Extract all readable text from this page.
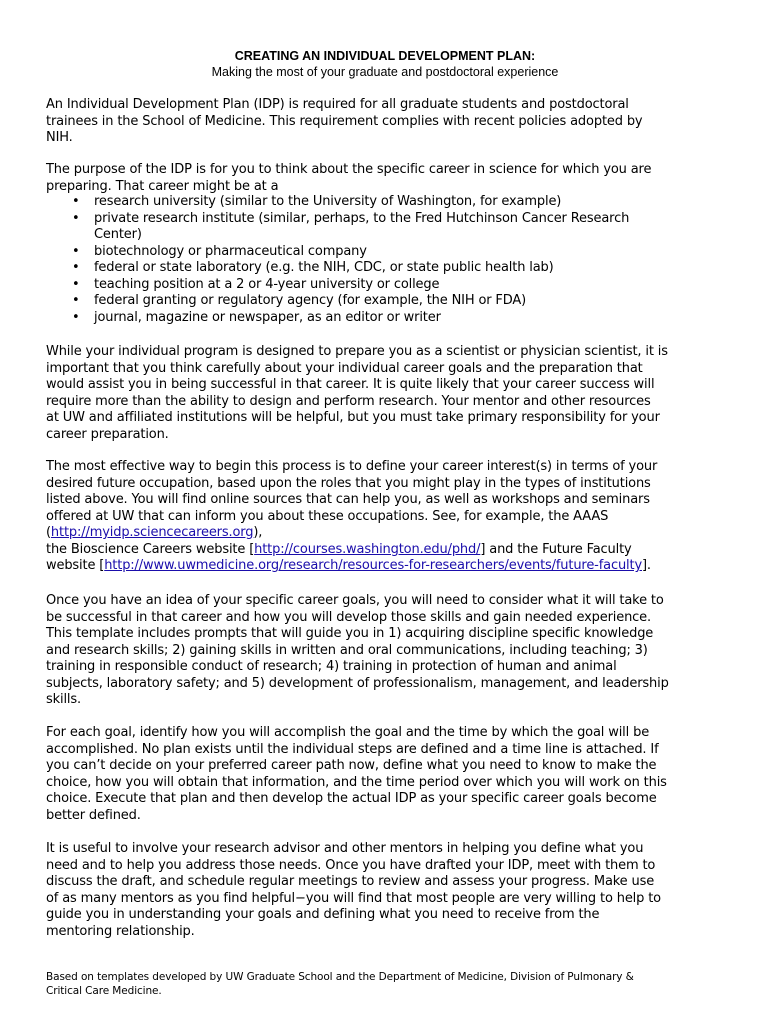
CREATING AN INDIVIDUAL DEVELOPMENT PLAN:
Making the most of your graduate and postdoctoral experience
An Individual Development Plan (IDP) is required for all graduate students and postdoctoral
trainees in the School of Medicine. This requirement complies with recent policies adopted by
NIH.
The purpose of the IDP is for you to think about the specific career in science for which you are
preparing. That career might be at a
• research university (similar to the University of Washington, for example)
• private research institute (similar, perhaps, to the Fred Hutchinson Cancer Research
Center)
• biotechnology or pharmaceutical company
• federal or state laboratory (e.g. the NIH, CDC, or state public health lab)
• teaching position at a 2 or 4-year university or college
• federal granting or regulatory agency (for example, the NIH or FDA)
• journal, magazine or newspaper, as an editor or writer
While your individual program is designed to prepare you as a scientist or physician scientist, it is
important that you think carefully about your individual career goals and the preparation that
would assist you in being successful in that career. It is quite likely that your career success will
require more than the ability to design and perform research. Your mentor and other resources
at UW and affiliated institutions will be helpful, but you must take primary responsibility for your
career preparation.
The most effective way to begin this process is to define your career interest(s) in terms of your
desired future occupation, based upon the roles that you might play in the types of institutions
listed above. You will find online sources that can help you, as well as workshops and seminars
offered at UW that can inform you about these occupations. See, for example, the AAAS
(http://myidp.sciencecareers.org),
the Bioscience Careers website [http://courses.washington.edu/phd/] and the Future Faculty
website [http://www.uwmedicine.org/research/resources-for-researchers/events/future-faculty].
Once you have an idea of your specific career goals, you will need to consider what it will take to
be successful in that career and how you will develop those skills and gain needed experience.
This template includes prompts that will guide you in 1) acquiring discipline specific knowledge
and research skills; 2) gaining skills in written and oral communications, including teaching; 3)
training in responsible conduct of research; 4) training in protection of human and animal
subjects, laboratory safety; and 5) development of professionalism, management, and leadership
skills.
For each goal, identify how you will accomplish the goal and the time by which the goal will be
accomplished. No plan exists until the individual steps are defined and a time line is attached. If
you can’t decide on your preferred career path now, define what you need to know to make the
choice, how you will obtain that information, and the time period over which you will work on this
choice. Execute that plan and then develop the actual IDP as your specific career goals become
better defined.
It is useful to involve your research advisor and other mentors in helping you define what you
need and to help you address those needs. Once you have drafted your IDP, meet with them to
discuss the draft, and schedule regular meetings to review and assess your progress. Make use
of as many mentors as you find helpful−you will find that most people are very willing to help to
guide you in understanding your goals and defining what you need to receive from the
mentoring relationship.
Based on templates developed by UW Graduate School and the Department of Medicine, Division of Pulmonary &
Critical Care Medicine.
